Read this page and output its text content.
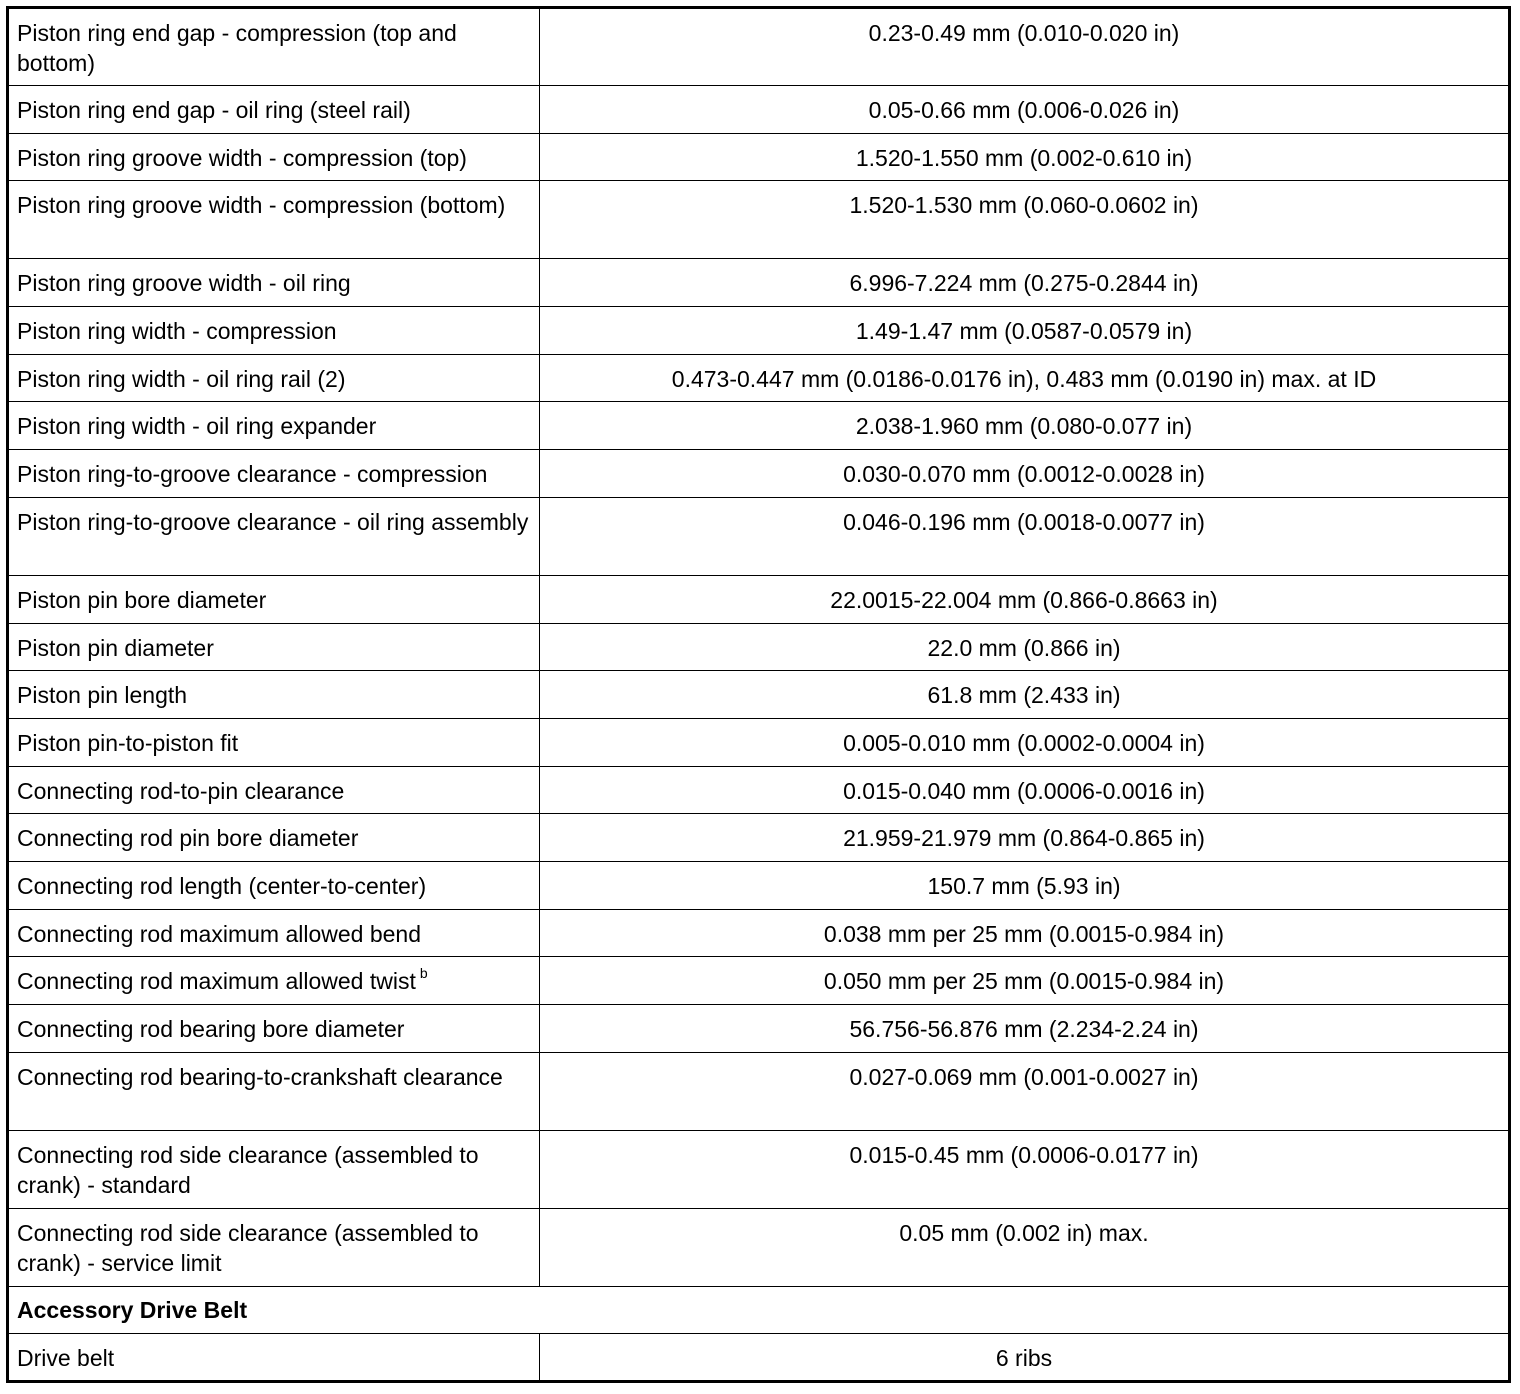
Piston ring end gap - compression (top and bottom)	0.23-0.49 mm (0.010-0.020 in)
Piston ring end gap - oil ring (steel rail)	0.05-0.66 mm (0.006-0.026 in)
Piston ring groove width - compression (top)	1.520-1.550 mm (0.002-0.610 in)
Piston ring groove width - compression (bottom)	1.520-1.530 mm (0.060-0.0602 in)
Piston ring groove width - oil ring	6.996-7.224 mm (0.275-0.2844 in)
Piston ring width - compression	1.49-1.47 mm (0.0587-0.0579 in)
Piston ring width - oil ring rail (2)	0.473-0.447 mm (0.0186-0.0176 in), 0.483 mm (0.0190 in) max. at ID
Piston ring width - oil ring expander	2.038-1.960 mm (0.080-0.077 in)
Piston ring-to-groove clearance - compression	0.030-0.070 mm (0.0012-0.0028 in)
Piston ring-to-groove clearance - oil ring assembly	0.046-0.196 mm (0.0018-0.0077 in)
Piston pin bore diameter	22.0015-22.004 mm (0.866-0.8663 in)
Piston pin diameter	22.0 mm (0.866 in)
Piston pin length	61.8 mm (2.433 in)
Piston pin-to-piston fit	0.005-0.010 mm (0.0002-0.0004 in)
Connecting rod-to-pin clearance	0.015-0.040 mm (0.0006-0.0016 in)
Connecting rod pin bore diameter	21.959-21.979 mm (0.864-0.865 in)
Connecting rod length (center-to-center)	150.7 mm (5.93 in)
Connecting rod maximum allowed bend	0.038 mm per 25 mm (0.0015-0.984 in)
Connecting rod maximum allowed twist $^b$	0.050 mm per 25 mm (0.0015-0.984 in)
Connecting rod bearing bore diameter	56.756-56.876 mm (2.234-2.24 in)
Connecting rod bearing-to-crankshaft clearance	0.027-0.069 mm (0.001-0.0027 in)
Connecting rod side clearance (assembled to crank) - standard	0.015-0.45 mm (0.0006-0.0177 in)
Connecting rod side clearance (assembled to crank) - service limit	0.05 mm (0.002 in) max.
Accessory Drive Belt	
Drive belt	6 ribs
